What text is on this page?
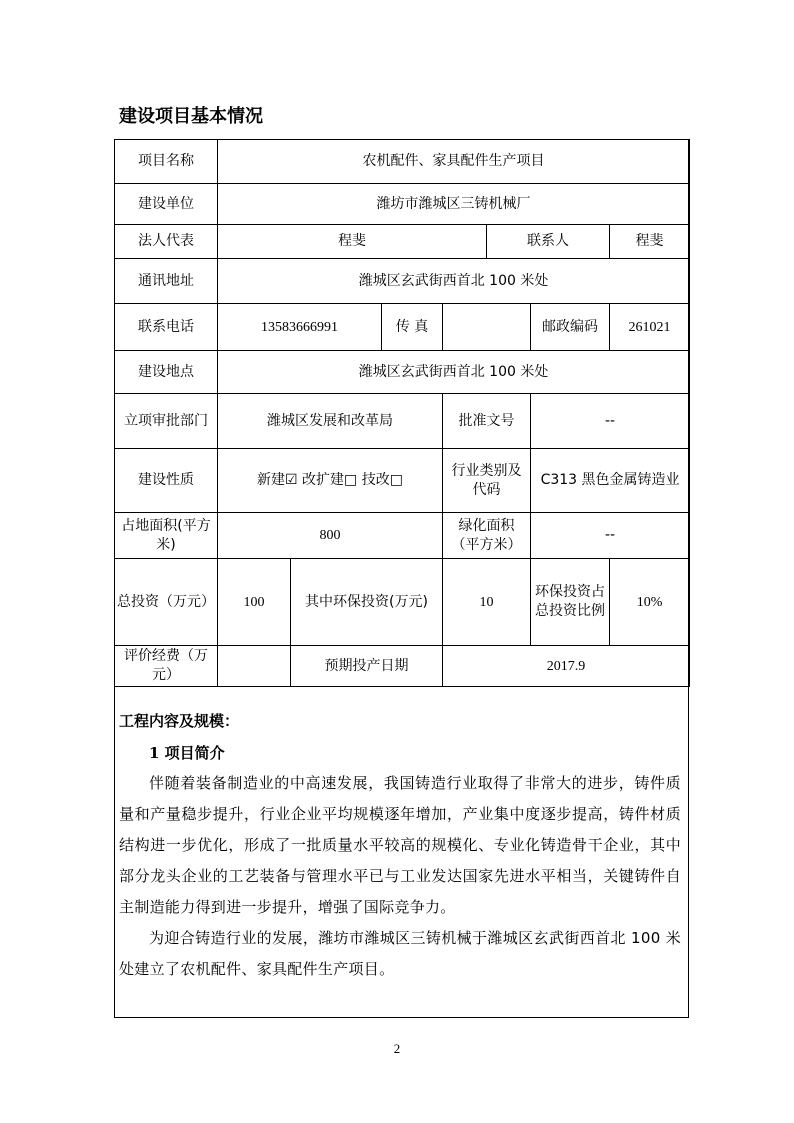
建设项目基本情况
项目名称	农机配件、家具配件生产项目						
建设单位	潍坊市潍城区三铸机械厂						
法人代表	程斐				联系人		程斐
通讯地址	潍城区玄武街西首北 100 米处						
联系电话	13583666991		传 真			邮政编码	261021
建设地点	潍城区玄武街西首北 100 米处						
立项审批部门	潍城区发展和改革局			批准文号		--	
建设性质	新建☑ 改扩建□ 技改□			行业类别及代码		C313 黑色金属铸造业	
占地面积(平方米)	800			绿化面积（平方米）		--	
总投资（万元）	100	其中环保投资(万元)		10		环保投资占总投资比例	10%
评价经费（万元）		预期投产日期		2017.9			

工程内容及规模：

1 项目简介

伴随着装备制造业的中高速发展，我国铸造行业取得了非常大的进步，铸件质量和产量稳步提升，行业企业平均规模逐年增加，产业集中度逐步提高，铸件材质结构进一步优化，形成了一批质量水平较高的规模化、专业化铸造骨干企业，其中部分龙头企业的工艺装备与管理水平已与工业发达国家先进水平相当，关键铸件自主制造能力得到进一步提升，增强了国际竞争力。

为迎合铸造行业的发展，潍坊市潍城区三铸机械于潍城区玄武街西首北 100 米处建立了农机配件、家具配件生产项目。

2
